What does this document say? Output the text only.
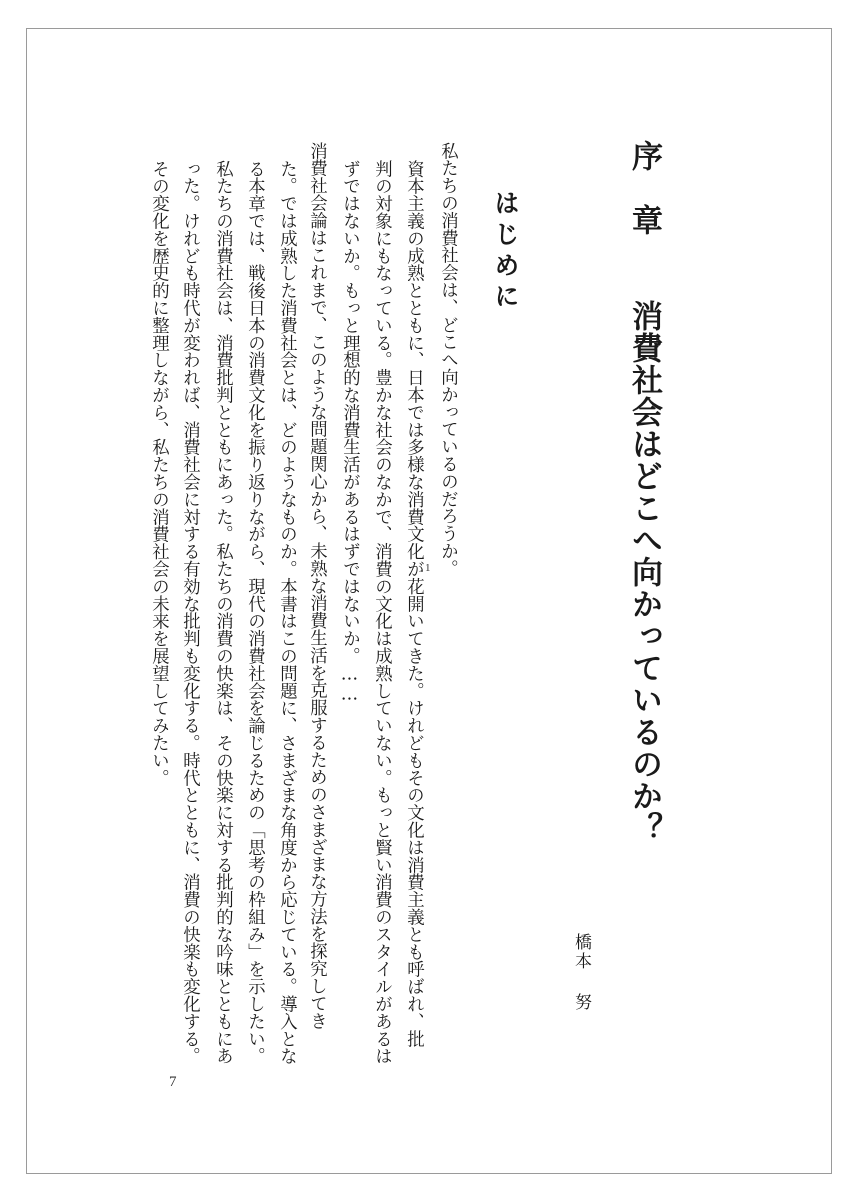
序　章　　消費社会はどこへ向かっているのか？
はじめに
私たちの消費社会は、どこへ向かっているのだろうか。
資本主義の成熟とともに、日本では多様な消費文化が花開いてきた。けれどもその文化は消費主義とも呼ばれ、批
判の対象にもなっている。豊かな社会のなかで、消費の文化は成熟していない。もっと賢い消費のスタイルがあるは
ずではないか。もっと理想的な消費生活があるはずではないか。……
消費社会論はこれまで、このような問題関心から、未熟な消費生活を克服するためのさまざまな方法を探究してき
た。では成熟した消費社会とは、どのようなものか。本書はこの問題に、さまざまな角度から応じている。導入とな
る本章では、戦後日本の消費文化を振り返りながら、現代の消費社会を論じるための「思考の枠組み」を示したい。
私たちの消費社会は、消費批判とともにあった。私たちの消費の快楽は、その快楽に対する批判的な吟味とともにあ
った。けれども時代が変われば、消費社会に対する有効な批判も変化する。時代とともに、消費の快楽も変化する。
その変化を歴史的に整理しながら、私たちの消費社会の未来を展望してみたい。	1
橋本努
7
